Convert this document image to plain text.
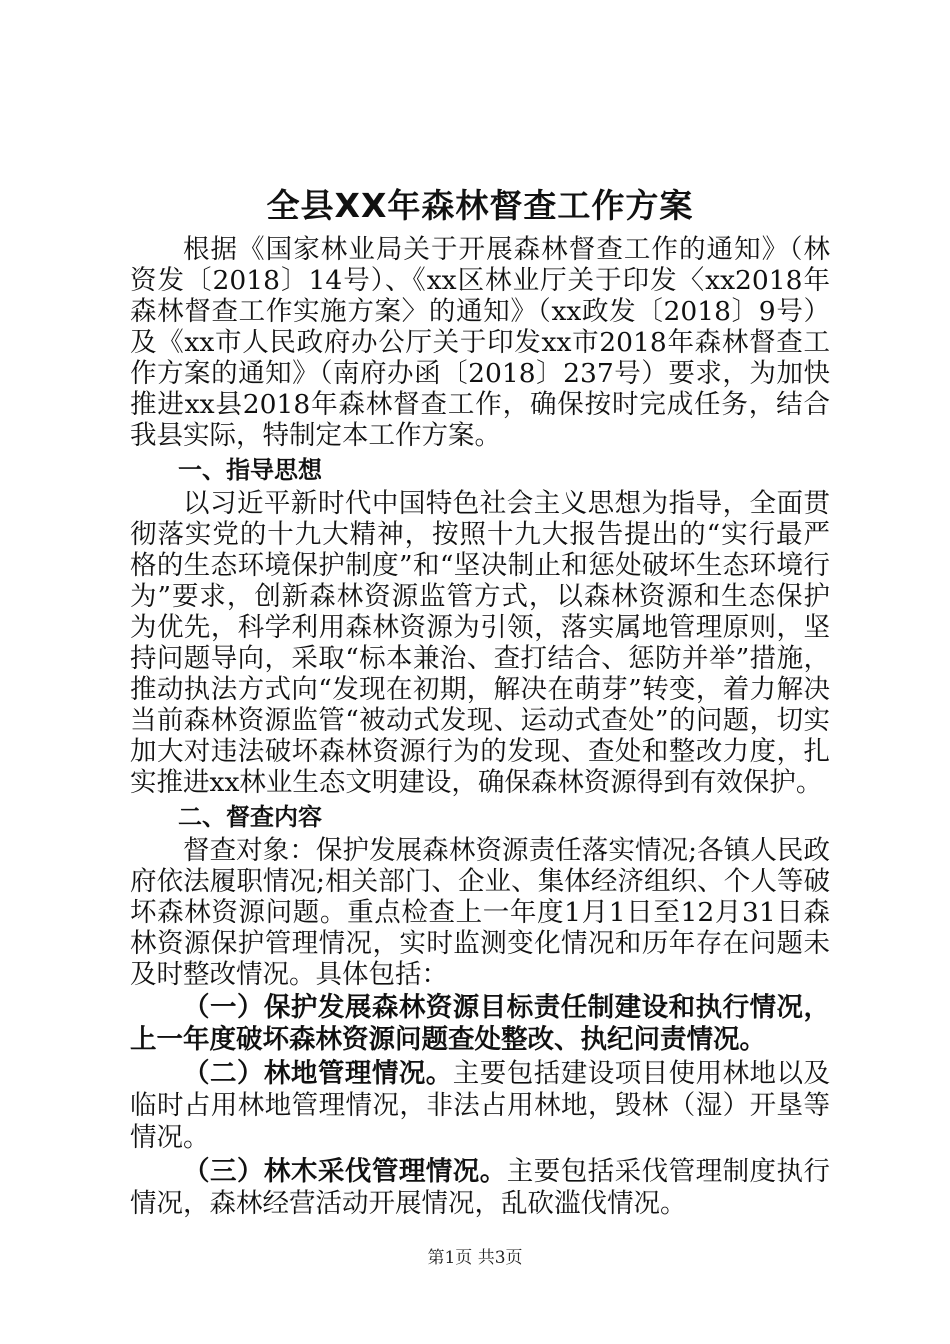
全县XX年森林督查工作方案

根据《国家林业局关于开展森林督查工作的通知》（林资发〔2018〕14号）、《xx区林业厅关于印发〈xx2018年森林督查工作实施方案〉的通知》（xx政发〔2018〕9号）及《xx市人民政府办公厅关于印发xx市2018年森林督查工作方案的通知》（南府办函〔2018〕237号）要求，为加快推进xx县2018年森林督查工作，确保按时完成任务，结合我县实际，特制定本工作方案。

一、指导思想

以习近平新时代中国特色社会主义思想为指导，全面贯彻落实党的十九大精神，按照十九大报告提出的“实行最严格的生态环境保护制度”和“坚决制止和惩处破坏生态环境行为”要求，创新森林资源监管方式，以森林资源和生态保护为优先，科学利用森林资源为引领，落实属地管理原则，坚持问题导向，采取“标本兼治、查打结合、惩防并举”措施，推动执法方式向“发现在初期，解决在萌芽”转变，着力解决当前森林资源监管“被动式发现、运动式查处”的问题，切实加大对违法破坏森林资源行为的发现、查处和整改力度，扎实推进xx林业生态文明建设，确保森林资源得到有效保护。

二、督查内容

督查对象：保护发展森林资源责任落实情况;各镇人民政府依法履职情况;相关部门、企业、集体经济组织、个人等破坏森林资源问题。重点检查上一年度1月1日至12月31日森林资源保护管理情况，实时监测变化情况和历年存在问题未及时整改情况。具体包括：

（一）保护发展森林资源目标责任制建设和执行情况，上一年度破坏森林资源问题查处整改、执纪问责情况。

（二）林地管理情况。主要包括建设项目使用林地以及临时占用林地管理情况，非法占用林地，毁林（湿）开垦等情况。

（三）林木采伐管理情况。主要包括采伐管理制度执行情况，森林经营活动开展情况，乱砍滥伐情况。

第1页 共3页
